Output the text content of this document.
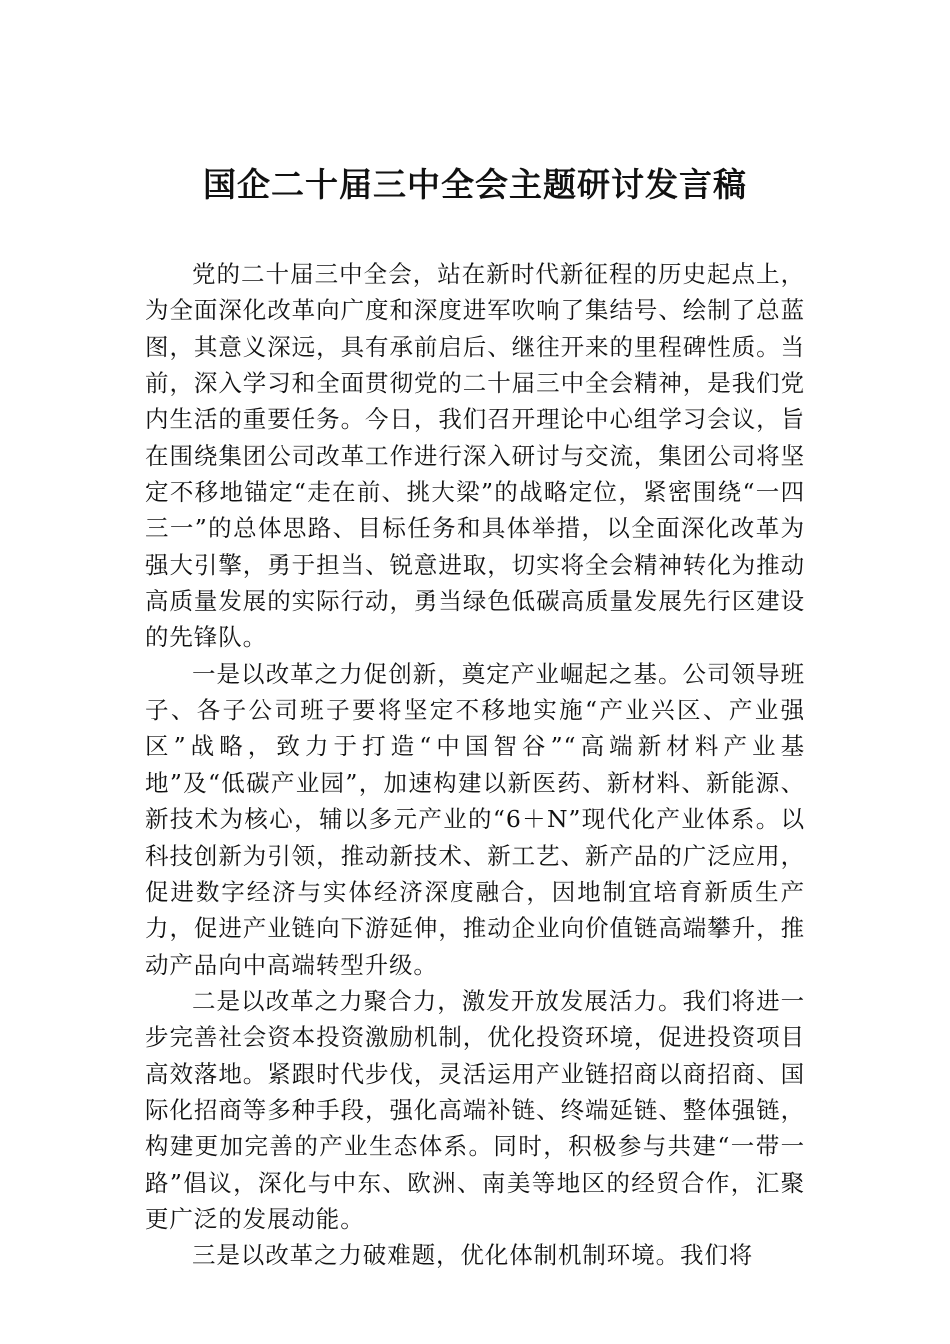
国企二十届三中全会主题研讨发言稿

党的二十届三中全会，站在新时代新征程的历史起点上，为全面深化改革向广度和深度进军吹响了集结号、绘制了总蓝图，其意义深远，具有承前启后、继往开来的里程碑性质。当前，深入学习和全面贯彻党的二十届三中全会精神，是我们党内生活的重要任务。今日，我们召开理论中心组学习会议，旨在围绕集团公司改革工作进行深入研讨与交流，集团公司将坚定不移地锚定“走在前、挑大梁”的战略定位，紧密围绕“一四三一”的总体思路、目标任务和具体举措，以全面深化改革为强大引擎，勇于担当、锐意进取，切实将全会精神转化为推动高质量发展的实际行动，勇当绿色低碳高质量发展先行区建设的先锋队。

一是以改革之力促创新，奠定产业崛起之基。公司领导班子、各子公司班子要将坚定不移地实施“产业兴区、产业强区”战略，致力于打造“中国智谷”“高端新材料产业基地”及“低碳产业园”，加速构建以新医药、新材料、新能源、新技术为核心，辅以多元产业的“6＋N”现代化产业体系。以科技创新为引领，推动新技术、新工艺、新产品的广泛应用，促进数字经济与实体经济深度融合，因地制宜培育新质生产力，促进产业链向下游延伸，推动企业向价值链高端攀升，推动产品向中高端转型升级。

二是以改革之力聚合力，激发开放发展活力。我们将进一步完善社会资本投资激励机制，优化投资环境，促进投资项目高效落地。紧跟时代步伐，灵活运用产业链招商以商招商、国际化招商等多种手段，强化高端补链、终端延链、整体强链，构建更加完善的产业生态体系。同时，积极参与共建“一带一路”倡议，深化与中东、欧洲、南美等地区的经贸合作，汇聚更广泛的发展动能。

三是以改革之力破难题，优化体制机制环境。我们将
